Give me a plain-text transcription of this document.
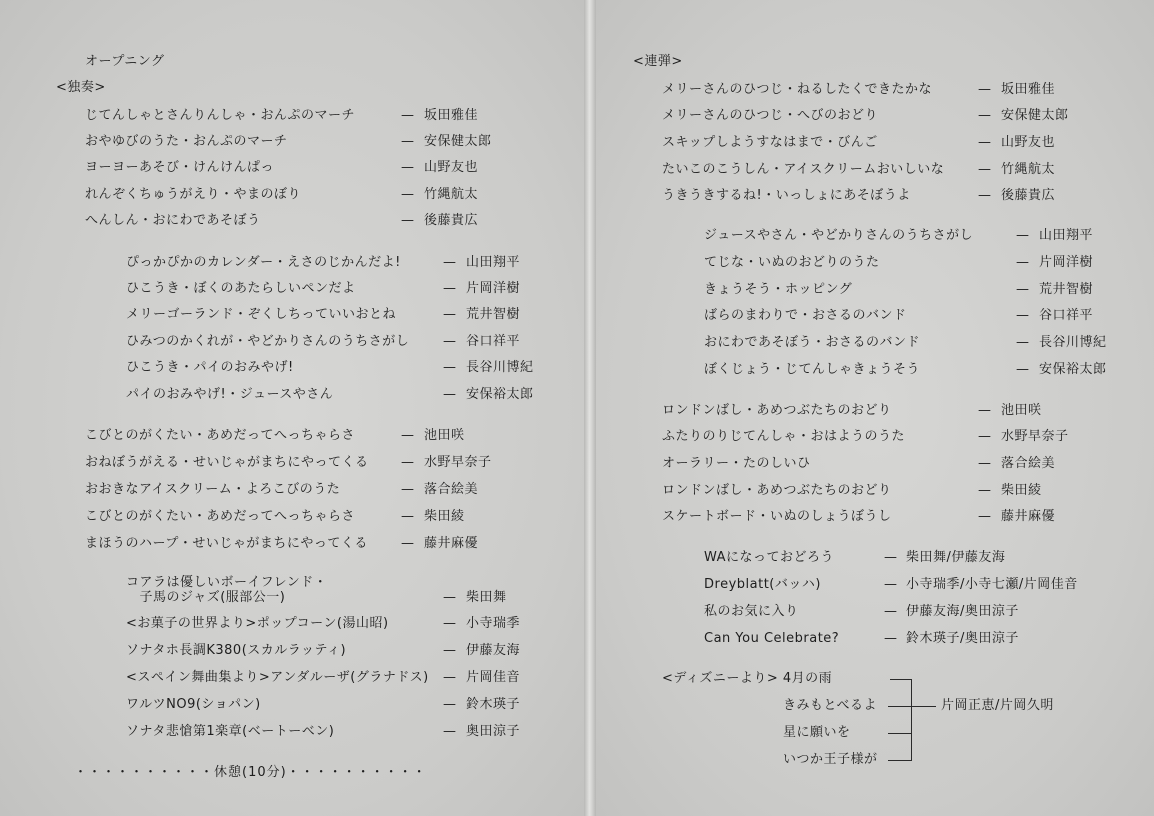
オープニング
<独奏>
じてんしゃとさんりんしゃ・おんぷのマーチ	— 坂田雅佳
おやゆびのうた・おんぷのマーチ	— 安保健太郎
ヨーヨーあそび・けんけんぱっ	— 山野友也
れんぞくちゅうがえり・やまのぼり	— 竹縄航太
へんしん・おにわであそぼう	— 後藤貴広
ぴっかぴかのカレンダー・えさのじかんだよ!	— 山田翔平
ひこうき・ぼくのあたらしいペンだよ	— 片岡洋樹
メリーゴーランド・ぞくしちっていいおとね	— 荒井智樹
ひみつのかくれが・やどかりさんのうちさがし	— 谷口祥平
ひこうき・パイのおみやげ!	— 長谷川博紀
パイのおみやげ!・ジュースやさん	— 安保裕太郎
こびとのがくたい・あめだってへっちゃらさ	— 池田咲
おねぼうがえる・せいじゃがまちにやってくる — 水野早奈子
おおきなアイスクリーム・よろこびのうた	— 落合絵美
こびとのがくたい・あめだってへっちゃらさ	— 柴田綾
まほうのハープ・せいじゃがまちにやってくる	— 藤井麻優
コアラは優しいボーイフレンド・
　子馬のジャズ(服部公一)	— 柴田舞
<お菓子の世界より>ポップコーン(湯山昭)	— 小寺瑞季
ソナタホ長調K380(スカルラッティ)	— 伊藤友海
<スペイン舞曲集より>アンダルーザ(グラナドス) — 片岡佳音
ワルツNO9(ショパン)	— 鈴木瑛子
ソナタ悲愴第1楽章(ベートーベン)	— 奥田涼子
・・・・・・・・・・休憩(10分)・・・・・・・・・・
<連弾>
メリーさんのひつじ・ねるしたくできたかな	— 坂田雅佳
メリーさんのひつじ・へびのおどり	— 安保健太郎
スキップしようすなはまで・びんご	— 山野友也
たいこのこうしん・アイスクリームおいしいな	— 竹縄航太
うきうきするね!・いっしょにあそぼうよ	— 後藤貴広
ジュースやさん・やどかりさんのうちさがし	— 山田翔平
てじな・いぬのおどりのうた	— 片岡洋樹
きょうそう・ホッピング	— 荒井智樹
ばらのまわりで・おさるのバンド	— 谷口祥平
おにわであそぼう・おさるのバンド	— 長谷川博紀
ぼくじょう・じてんしゃきょうそう	— 安保裕太郎
ロンドンばし・あめつぶたちのおどり	— 池田咲
ふたりのりじてんしゃ・おはようのうた	— 水野早奈子
オーラリー・たのしいひ	— 落合絵美
ロンドンばし・あめつぶたちのおどり	— 柴田綾
スケートボード・いぬのしょうぼうし	— 藤井麻優
WAになっておどろう	— 柴田舞/伊藤友海
Dreyblatt(バッハ)	— 小寺瑞季/小寺七瀬/片岡佳音
私のお気に入り	— 伊藤友海/奥田涼子
Can You Celebrate?	— 鈴木瑛子/奥田涼子
<ディズニーより> 4月の雨
きみもとべるよ
星に願いを
いつか王子様が
片岡正恵/片岡久明
